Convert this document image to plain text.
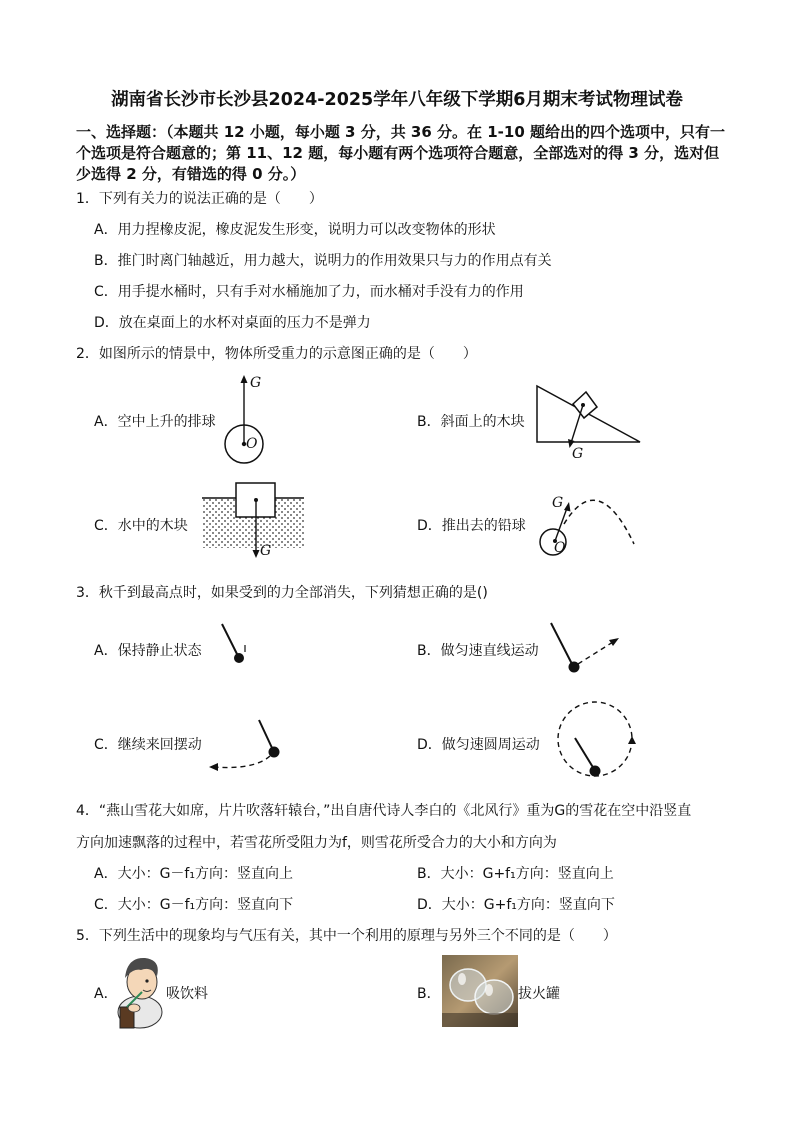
湖南省长沙市长沙县2024-2025学年八年级下学期6月期末考试物理试卷
一、选择题：（本题共 12 小题，每小题 3 分，共 36 分。在 1-10 题给出的四个选项中，只有一
个选项是符合题意的；第 11、12 题，每小题有两个选项符合题意，全部选对的得 3 分，选对但
少选得 2 分，有错选的得 0 分。）
1．下列有关力的说法正确的是（　　）
A．用力捏橡皮泥，橡皮泥发生形变，说明力可以改变物体的形状
B．推门时离门轴越近，用力越大，说明力的作用效果只与力的作用点有关
C．用手提水桶时，只有手对水桶施加了力，而水桶对手没有力的作用
D．放在桌面上的水杯对桌面的压力不是弹力
2．如图所示的情景中，物体所受重力的示意图正确的是（　　）
A．空中上升的排球	B．斜面上的木块
C．水中的木块	D．推出去的铅球
G
O
G
G
G
O
3．秋千到最高点时，如果受到的力全部消失，下列猜想正确的是()
A．保持静止状态	B．做匀速直线运动
C．继续来回摆动	D．做匀速圆周运动
4．“燕山雪花大如席，片片吹落轩辕台，”出自唐代诗人李白的《北风行》重为G的雪花在空中沿竖直
方向加速飘落的过程中，若雪花所受阻力为f，则雪花所受合力的大小和方向为
A．大小：G－f₁方向：竖直向上	B．大小：G+f₁方向：竖直向上
C．大小：G－f₁方向：竖直向下	D．大小：G+f₁方向：竖直向下
5．下列生活中的现象均与气压有关，其中一个利用的原理与另外三个不同的是（　　）
A．	吸饮料	B．	拔火罐
